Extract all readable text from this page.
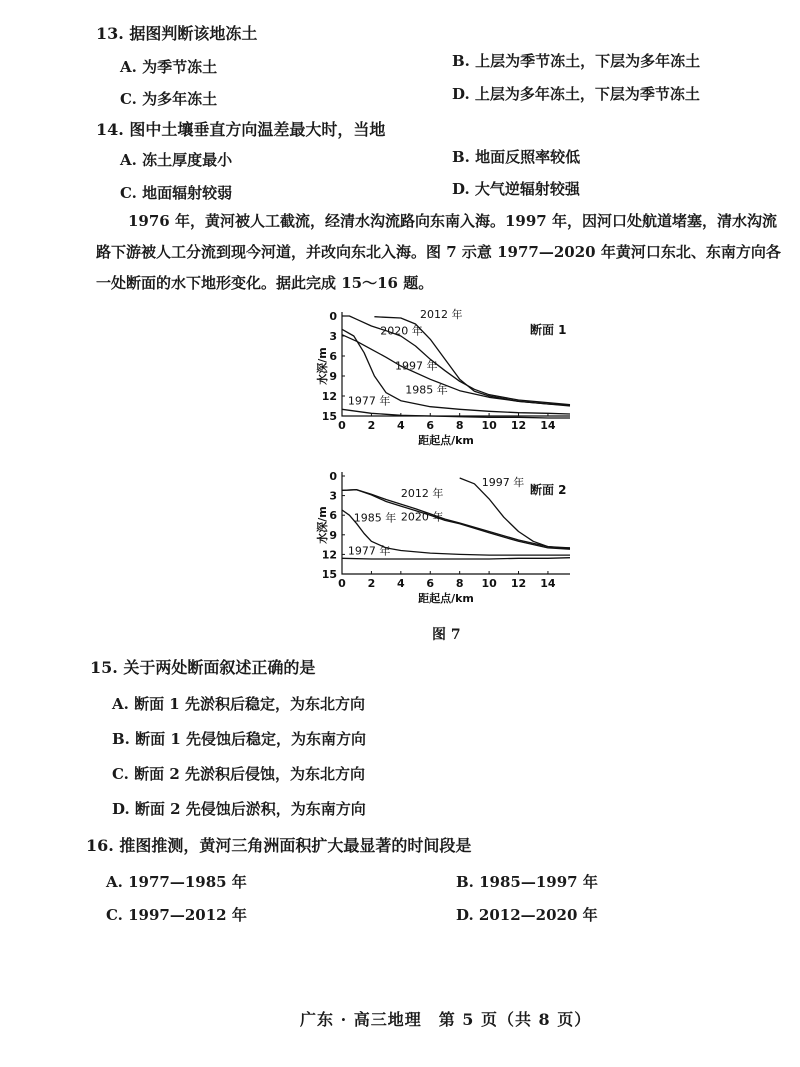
13. 据图判断该地冻土
A. 为季节冻土	B. 上层为季节冻土，下层为多年冻土
C. 为多年冻土	D. 上层为多年冻土，下层为季节冻土
14. 图中土壤垂直方向温差最大时，当地
A. 冻土厚度最小	B. 地面反照率较低
C. 地面辐射较弱	D. 大气逆辐射较强
1976 年，黄河被人工截流，经清水沟流路向东南入海。1997 年，因河口处航道堵塞，清水沟流
路下游被人工分流到现今河道，并改向东北入海。图 7 示意 1977—2020 年黄河口东北、东南方向各
一处断面的水下地形变化。据此完成 15～16 题。
0 2 4 6 8 10 12 14
0
3
6
9
12
15
距起点/km
水深/m
断面 1
1977 年
1985 年
1997 年
2012 年
2020 年
0 2 4 6 8 10 12 14
0
3
6
9
12
15
距起点/km
水深/m
断面 2
1977 年
1985 年
1997 年
2012 年
2020 年
图 7
15. 关于两处断面叙述正确的是
A. 断面 1 先淤积后稳定，为东北方向
B. 断面 1 先侵蚀后稳定，为东南方向
C. 断面 2 先淤积后侵蚀，为东北方向
D. 断面 2 先侵蚀后淤积，为东南方向
16. 推图推测，黄河三角洲面积扩大最显著的时间段是
A. 1977—1985 年	B. 1985—1997 年
C. 1997—2012 年	D. 2012—2020 年
广东 · 高三地理　第 5 页（共 8 页）
